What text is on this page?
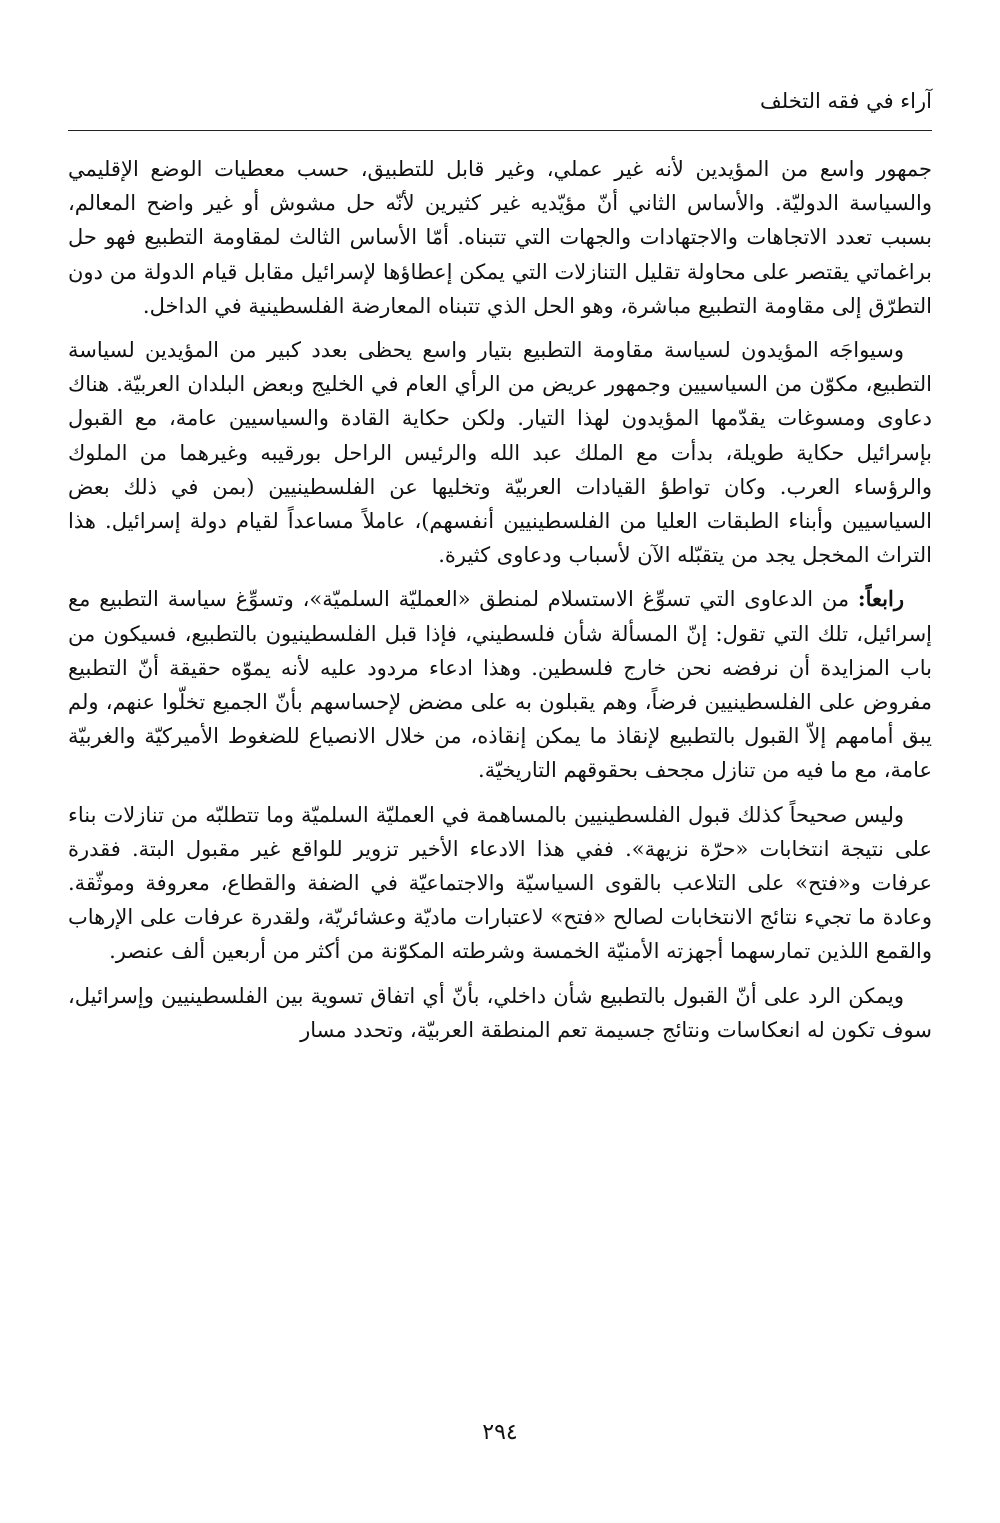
آراء في فقه التخلف

جمهور واسع من المؤيدين لأنه غير عملي، وغير قابل للتطبيق، حسب معطيات الوضع الإقليمي والسياسة الدوليّة. والأساس الثاني أنّ مؤيّديه غير كثيرين لأنّه حل مشوش أو غير واضح المعالم، بسبب تعدد الاتجاهات والاجتهادات والجهات التي تتبناه. أمّا الأساس الثالث لمقاومة التطبيع فهو حل براغماتي يقتصر على محاولة تقليل التنازلات التي يمكن إعطاؤها لإسرائيل مقابل قيام الدولة من دون التطرّق إلى مقاومة التطبيع مباشرة، وهو الحل الذي تتبناه المعارضة الفلسطينية في الداخل.

وسيواجَه المؤيدون لسياسة مقاومة التطبيع بتيار واسع يحظى بعدد كبير من المؤيدين لسياسة التطبيع، مكوّن من السياسيين وجمهور عريض من الرأي العام في الخليج وبعض البلدان العربيّة. هناك دعاوى ومسوغات يقدّمها المؤيدون لهذا التيار. ولكن حكاية القادة والسياسيين عامة، مع القبول بإسرائيل حكاية طويلة، بدأت مع الملك عبد الله والرئيس الراحل بورقيبه وغيرهما من الملوك والرؤساء العرب. وكان تواطؤ القيادات العربيّة وتخليها عن الفلسطينيين (بمن في ذلك بعض السياسيين وأبناء الطبقات العليا من الفلسطينيين أنفسهم)، عاملاً مساعداً لقيام دولة إسرائيل. هذا التراث المخجل يجد من يتقبّله الآن لأسباب ودعاوى كثيرة.

رابعاً: من الدعاوى التي تسوِّغ الاستسلام لمنطق «العمليّة السلميّة»، وتسوِّغ سياسة التطبيع مع إسرائيل، تلك التي تقول: إنّ المسألة شأن فلسطيني، فإذا قبل الفلسطينيون بالتطبيع، فسيكون من باب المزايدة أن نرفضه نحن خارج فلسطين. وهذا ادعاء مردود عليه لأنه يموّه حقيقة أنّ التطبيع مفروض على الفلسطينيين فرضاً، وهم يقبلون به على مضض لإحساسهم بأنّ الجميع تخلّوا عنهم، ولم يبق أمامهم إلاّ القبول بالتطبيع لإنقاذ ما يمكن إنقاذه، من خلال الانصياع للضغوط الأميركيّة والغربيّة عامة، مع ما فيه من تنازل مجحف بحقوقهم التاريخيّة.

وليس صحيحاً كذلك قبول الفلسطينيين بالمساهمة في العمليّة السلميّة وما تتطلبّه من تنازلات بناء على نتيجة انتخابات «حرّة نزيهة». ففي هذا الادعاء الأخير تزوير للواقع غير مقبول البتة. فقدرة عرفات و«فتح» على التلاعب بالقوى السياسيّة والاجتماعيّة في الضفة والقطاع، معروفة وموثّقة. وعادة ما تجيء نتائج الانتخابات لصالح «فتح» لاعتبارات ماديّة وعشائريّة، ولقدرة عرفات على الإرهاب والقمع اللذين تمارسهما أجهزته الأمنيّة الخمسة وشرطته المكوّنة من أكثر من أربعين ألف عنصر.

ويمكن الرد على أنّ القبول بالتطبيع شأن داخلي، بأنّ أي اتفاق تسوية بين الفلسطينيين وإسرائيل، سوف تكون له انعكاسات ونتائج جسيمة تعم المنطقة العربيّة، وتحدد مسار

٢٩٤
